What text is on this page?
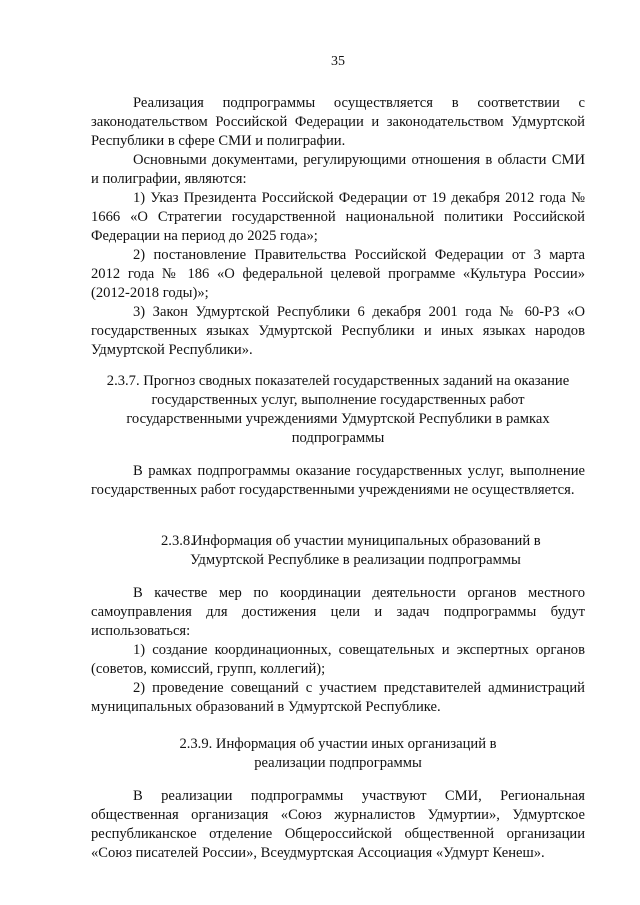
35

Реализация подпрограммы осуществляется в соответствии с законодательством Российской Федерации и законодательством Удмуртской Республики в сфере СМИ и полиграфии.

Основными документами, регулирующими отношения в области СМИ и полиграфии, являются:

1) Указ Президента Российской Федерации от 19 декабря 2012 года № 1666 «О Стратегии государственной национальной политики Российской Федерации на период до 2025 года»;

2) постановление Правительства Российской Федерации от 3 марта 2012 года № 186 «О федеральной целевой программе «Культура России» (2012-2018 годы)»;

3) Закон Удмуртской Республики 6 декабря 2001 года № 60-РЗ «О государственных языках Удмуртской Республики и иных языках народов Удмуртской Республики».

2.3.7. Прогноз сводных показателей государственных заданий на оказание

государственных услуг, выполнение государственных работ

государственными учреждениями Удмуртской Республики в рамках

подпрограммы

В рамках подпрограммы оказание государственных услуг, выполнение государственных работ государственными учреждениями не осуществляется.

2.3.8.Информация об участии муниципальных образований в

Удмуртской Республике в реализации подпрограммы

В качестве мер по координации деятельности органов местного самоуправления для достижения цели и задач подпрограммы будут использоваться:

1) создание координационных, совещательных и экспертных органов (советов, комиссий, групп, коллегий);

2) проведение совещаний с участием представителей администраций муниципальных образований в Удмуртской Республике.

2.3.9. Информация об участии иных организаций в

реализации подпрограммы

В реализации подпрограммы участвуют СМИ, Региональная общественная организация «Союз журналистов Удмуртии», Удмуртское республиканское отделение Общероссийской общественной организации «Союз писателей России», Всеудмуртская Ассоциация «Удмурт Кенеш».
